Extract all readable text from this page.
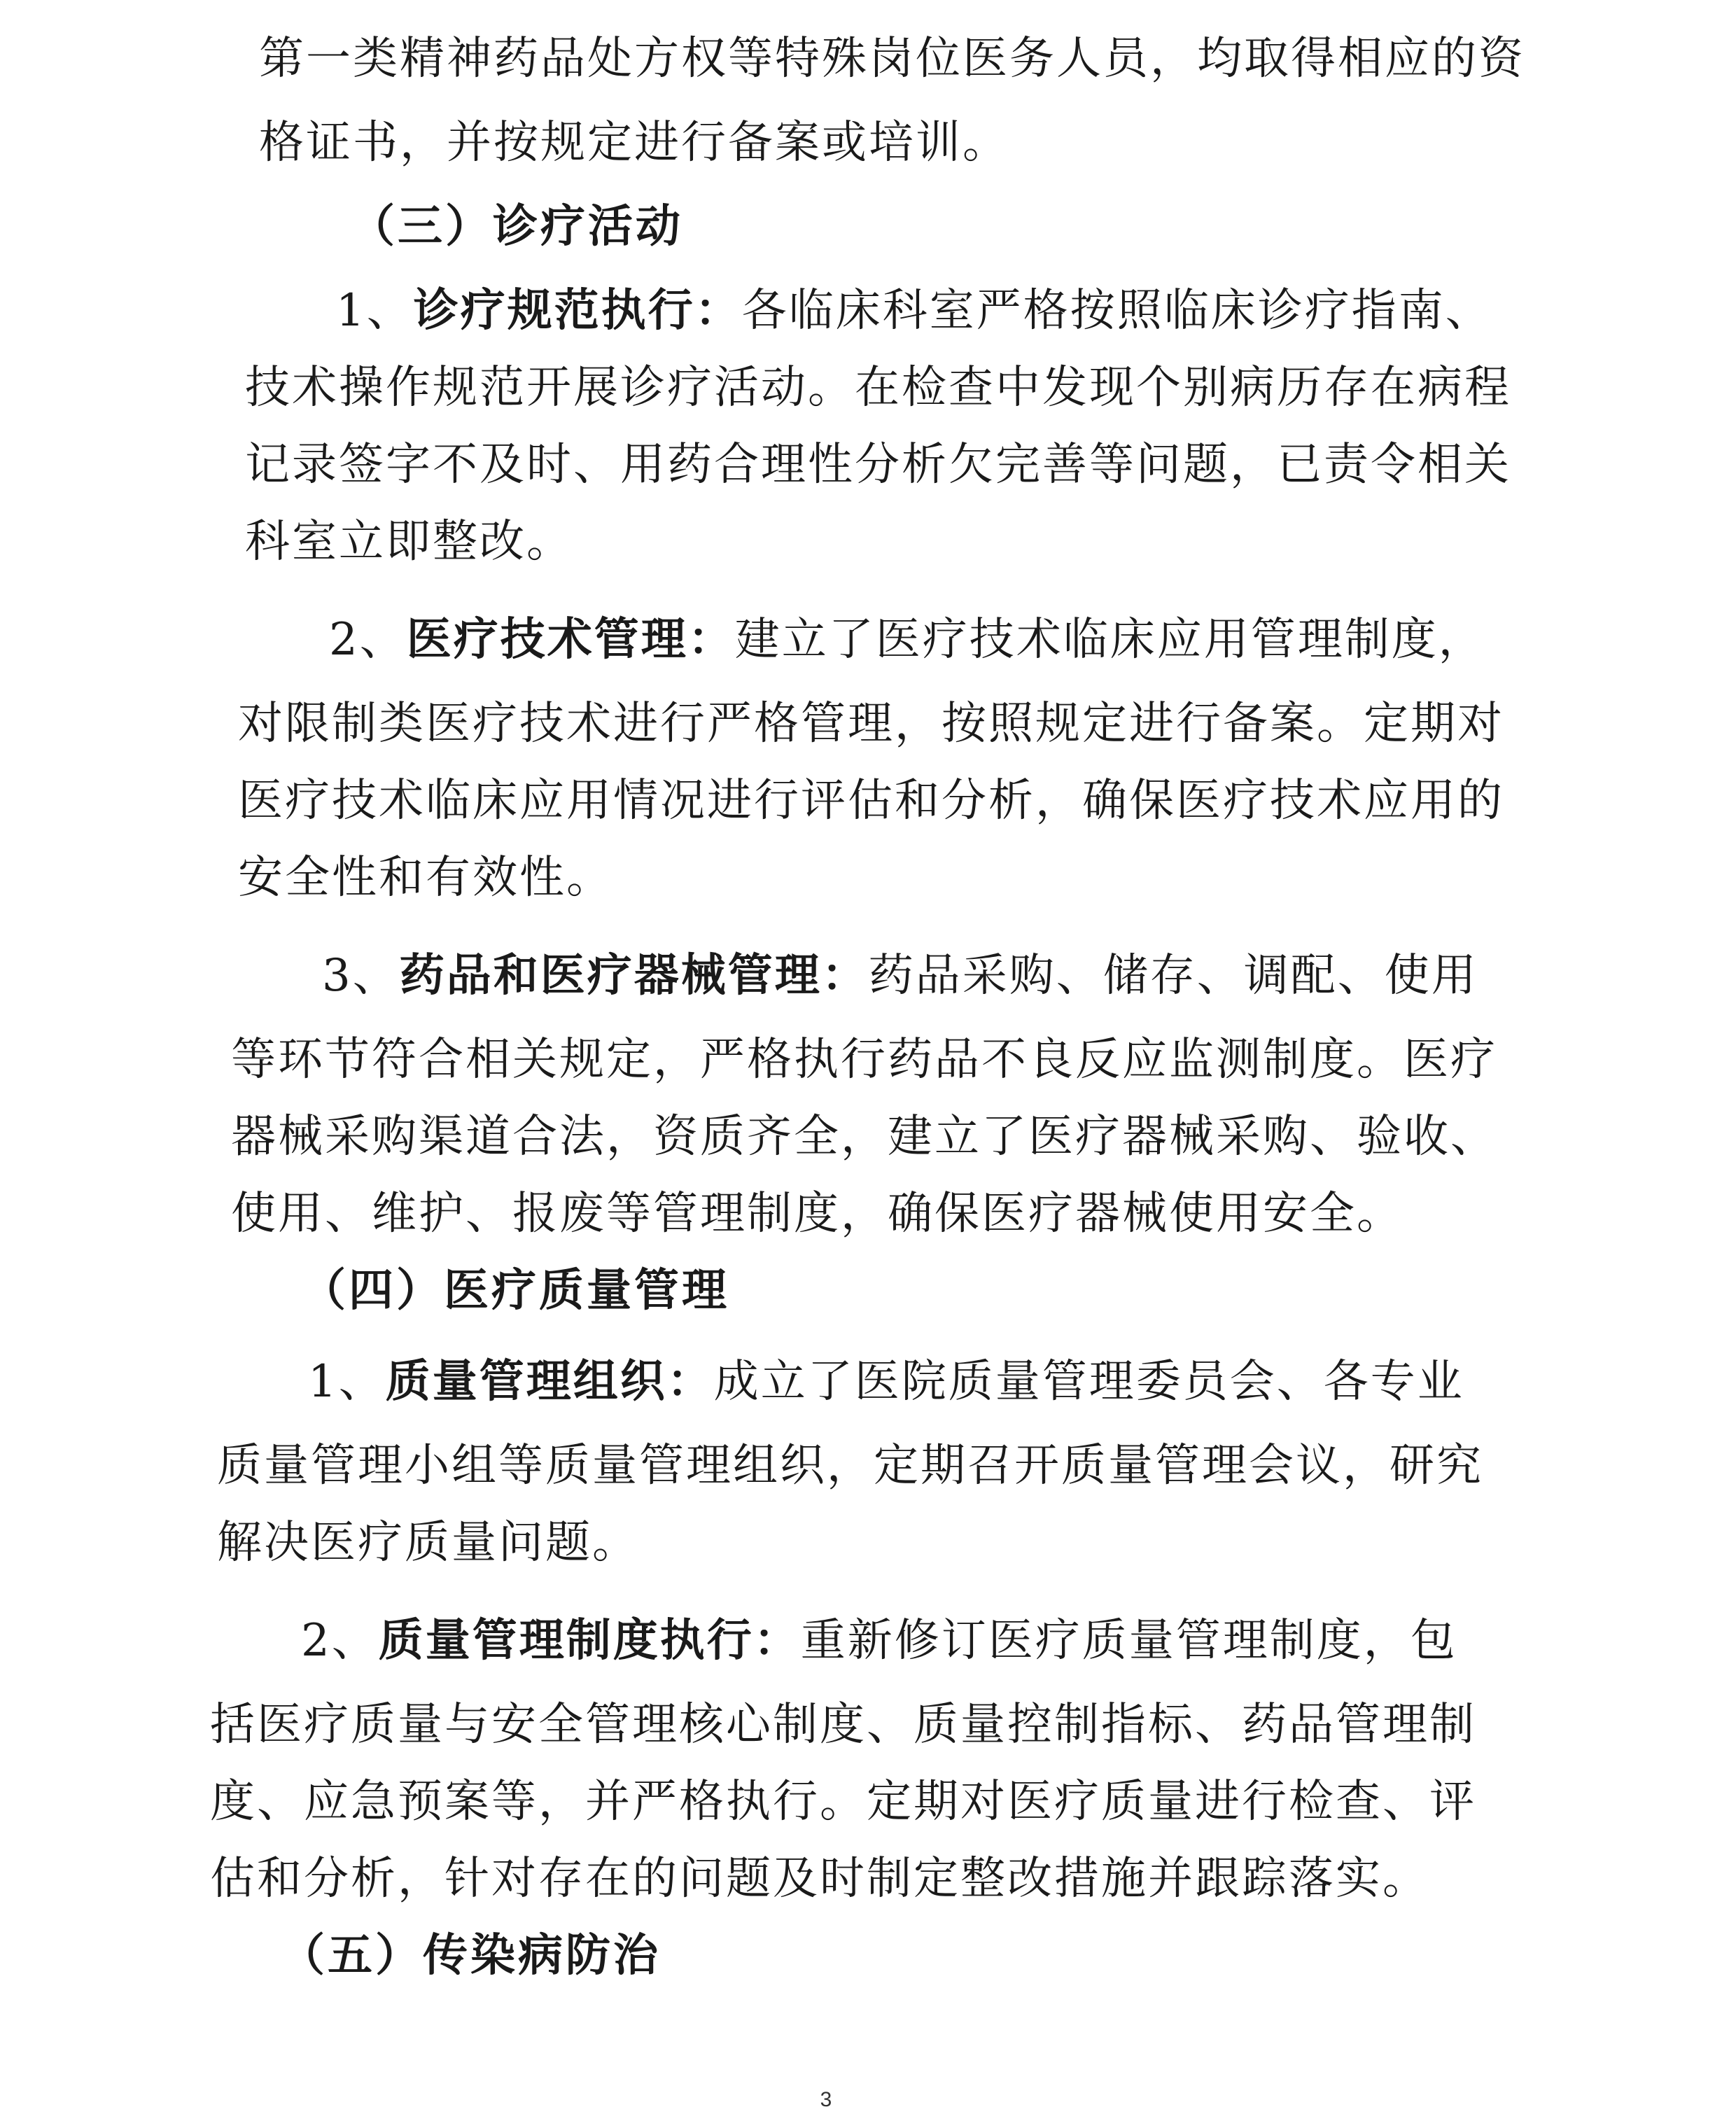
第一类精神药品处方权等特殊岗位医务人员，均取得相应的资
格证书，并按规定进行备案或培训。
（三）诊疗活动
1、诊疗规范执行：各临床科室严格按照临床诊疗指南、
技术操作规范开展诊疗活动。在检查中发现个别病历存在病程
记录签字不及时、用药合理性分析欠完善等问题，已责令相关
科室立即整改。
2、医疗技术管理：建立了医疗技术临床应用管理制度，
对限制类医疗技术进行严格管理，按照规定进行备案。定期对
医疗技术临床应用情况进行评估和分析，确保医疗技术应用的
安全性和有效性。
3、药品和医疗器械管理：药品采购、储存、调配、使用
等环节符合相关规定，严格执行药品不良反应监测制度。医疗
器械采购渠道合法，资质齐全，建立了医疗器械采购、验收、
使用、维护、报废等管理制度，确保医疗器械使用安全。
（四）医疗质量管理
1、质量管理组织：成立了医院质量管理委员会、各专业
质量管理小组等质量管理组织，定期召开质量管理会议，研究
解决医疗质量问题。
2、质量管理制度执行：重新修订医疗质量管理制度，包
括医疗质量与安全管理核心制度、质量控制指标、药品管理制
度、应急预案等，并严格执行。定期对医疗质量进行检查、评
估和分析，针对存在的问题及时制定整改措施并跟踪落实。
（五）传染病防治
3
